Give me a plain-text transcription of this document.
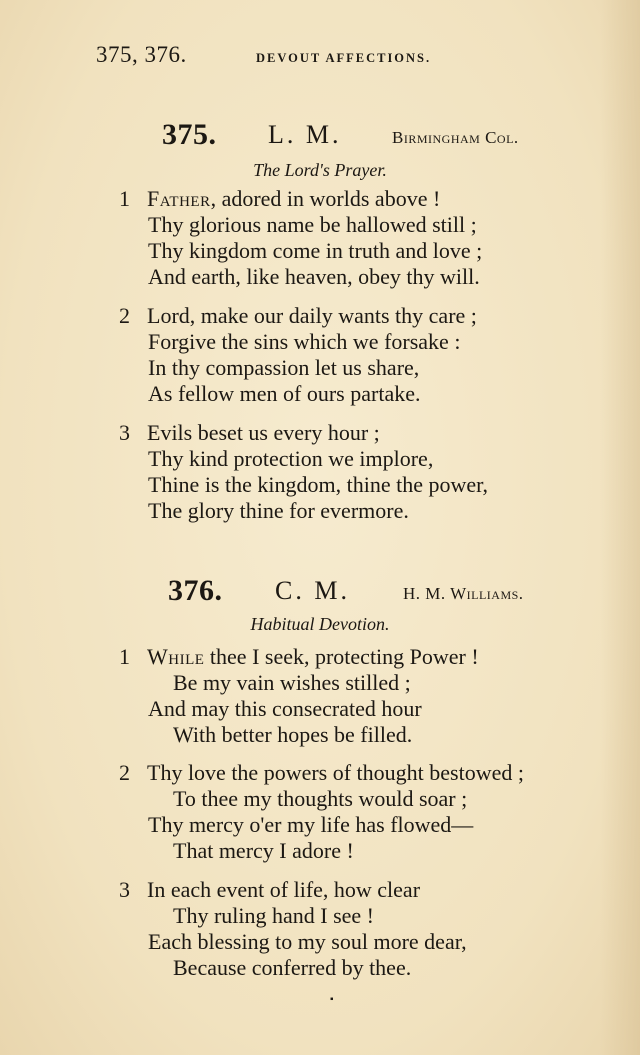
375, 376.	DEVOUT AFFECTIONS.
375. L. M.	Birmingham Col.
The Lord's Prayer.
1 Father, adored in worlds above !
Thy glorious name be hallowed still ;
Thy kingdom come in truth and love ;
And earth, like heaven, obey thy will.
2 Lord, make our daily wants thy care ;
Forgive the sins which we forsake :
In thy compassion let us share,
As fellow men of ours partake.
3 Evils beset us every hour ;
Thy kind protection we implore,
Thine is the kingdom, thine the power,
The glory thine for evermore.
376. C. M.	H. M. Williams.
Habitual Devotion.
1 While thee I seek, protecting Power !
Be my vain wishes stilled ;
And may this consecrated hour
With better hopes be filled.
2 Thy love the powers of thought bestowed ;
To thee my thoughts would soar ;
Thy mercy o'er my life has flowed—
That mercy I adore !
3 In each event of life, how clear
Thy ruling hand I see !
Each blessing to my soul more dear,
Because conferred by thee.
▪
